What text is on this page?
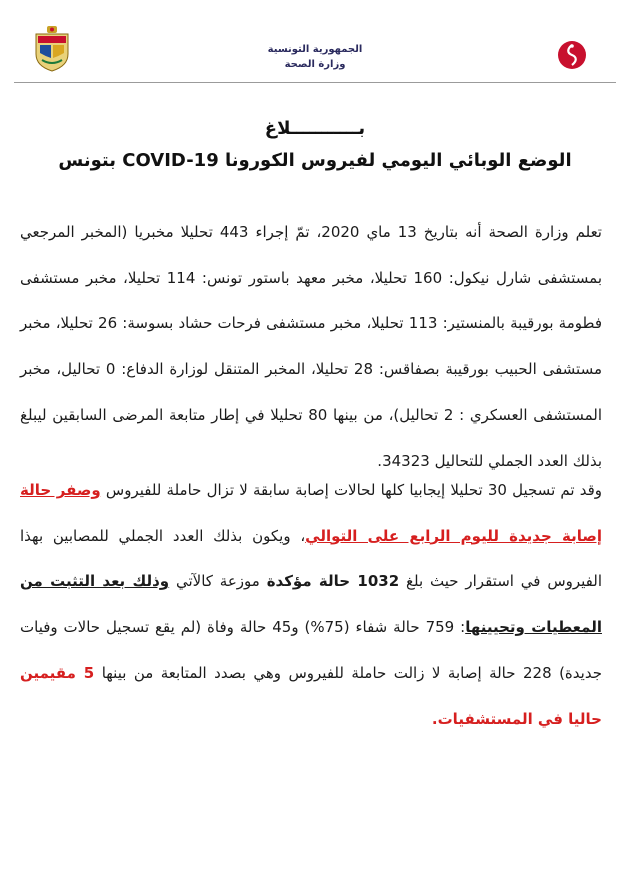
الجمهورية التونسية
وزارة الصحة
بـــــــــــلاغ
الوضع الوبائي اليومي لفيروس الكورونا COVID-19 بتونس

تعلم وزارة الصحة أنه بتاريخ 13 ماي 2020، تمّ إجراء 443 تحليلا مخبريا (المخبر المرجعي بمستشفى شارل نيكول: 160 تحليلا، مخبر معهد باستور تونس: 114 تحليلا، مخبر مستشفى فطومة بورقيبة بالمنستير: 113 تحليلا، مخبر مستشفى فرحات حشاد بسوسة: 26 تحليلا، مخبر مستشفى الحبيب بورقيبة بصفاقس: 28 تحليلا، المخبر المتنقل لوزارة الدفاع: 0 تحاليل، مخبر المستشفى العسكري : 2 تحاليل)، من بينها 80 تحليلا في إطار متابعة المرضى السابقين ليبلغ بذلك العدد الجملي للتحاليل 34323.

وقد تم تسجيل 30 تحليلا إيجابيا كلها لحالات إصابة سابقة لا تزال حاملة للفيروس وصفر حالة إصابة جديدة لليوم الرابع على التوالي، ويكون بذلك العدد الجملي للمصابين بهذا الفيروس في استقرار حيث بلغ 1032 حالة مؤكدة موزعة كالآتي وذلك بعد التثبت من المعطيات وتحيينها: 759 حالة شفاء (75%) و45 حالة وفاة (لم يقع تسجيل حالات وفيات جديدة) 228 حالة إصابة لا زالت حاملة للفيروس وهي بصدد المتابعة من بينها 5 مقيمين حاليا في المستشفيات.
